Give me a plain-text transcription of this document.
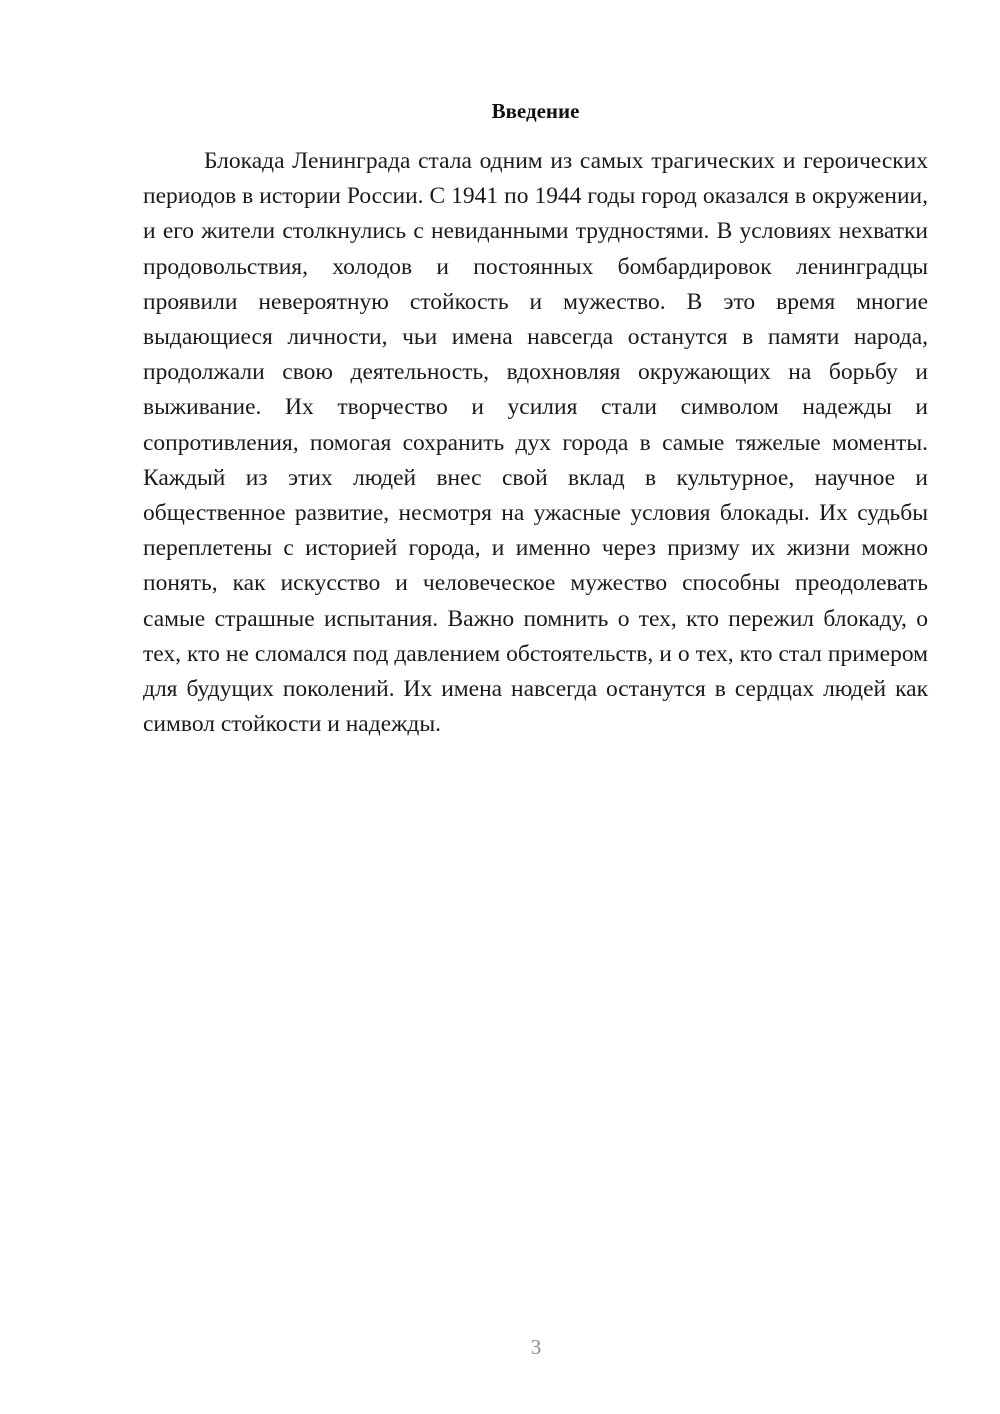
Введение

Блокада Ленинграда стала одним из самых трагических и героических периодов в истории России. С 1941 по 1944 годы город оказался в окружении, и его жители столкнулись с невиданными трудностями. В условиях нехватки продовольствия, холодов и постоянных бомбардировок ленинградцы проявили невероятную стойкость и мужество. В это время многие выдающиеся личности, чьи имена навсегда останутся в памяти народа, продолжали свою деятельность, вдохновляя окружающих на борьбу и выживание. Их творчество и усилия стали символом надежды и сопротивления, помогая сохранить дух города в самые тяжелые моменты. Каждый из этих людей внес свой вклад в культурное, научное и общественное развитие, несмотря на ужасные условия блокады. Их судьбы переплетены с историей города, и именно через призму их жизни можно понять, как искусство и человеческое мужество способны преодолевать самые страшные испытания. Важно помнить о тех, кто пережил блокаду, о тех, кто не сломался под давлением обстоятельств, и о тех, кто стал примером для будущих поколений. Их имена навсегда останутся в сердцах людей как символ стойкости и надежды.

3
